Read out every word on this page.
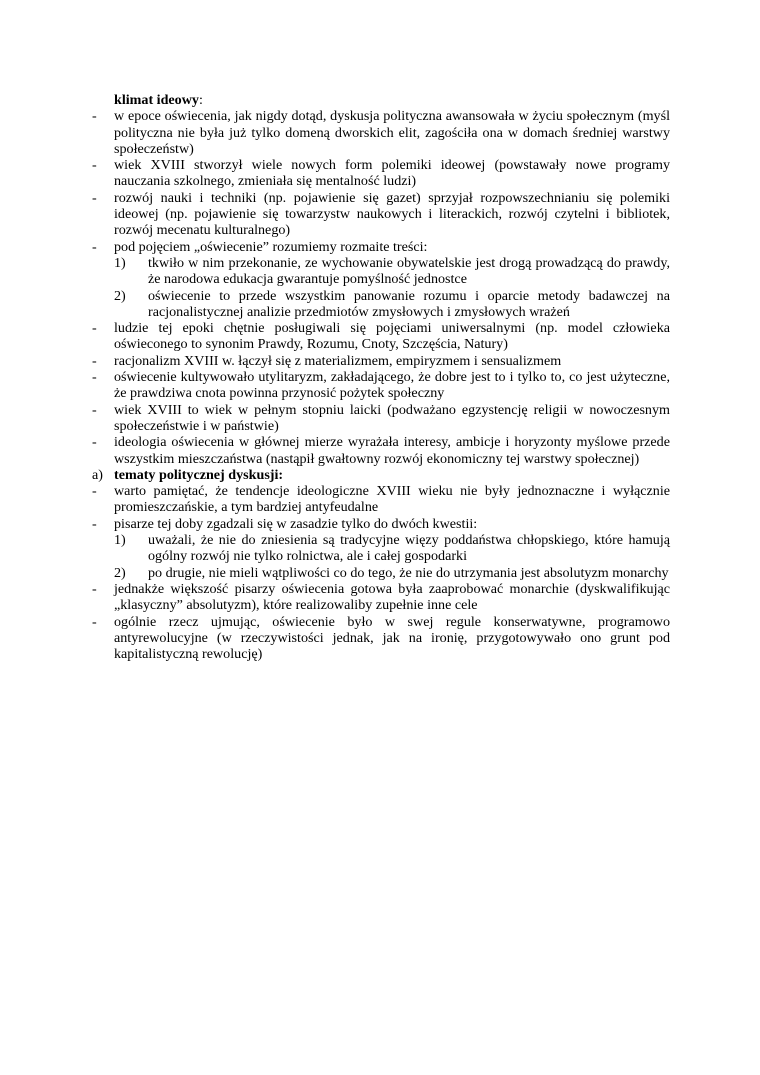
klimat ideowy:
- w epoce oświecenia, jak nigdy dotąd, dyskusja polityczna awansowała w życiu społecznym (myśl polityczna nie była już tylko domeną dworskich elit, zagościła ona w domach średniej warstwy społeczeństw)
- wiek XVIII stworzył wiele nowych form polemiki ideowej (powstawały nowe programy nauczania szkolnego, zmieniała się mentalność ludzi)
- rozwój nauki i techniki (np. pojawienie się gazet) sprzyjał rozpowszechnianiu się polemiki ideowej (np. pojawienie się towarzystw naukowych i literackich, rozwój czytelni i bibliotek, rozwój mecenatu kulturalnego)
- pod pojęciem „oświecenie” rozumiemy rozmaite treści:
1) tkwiło w nim przekonanie, ze wychowanie obywatelskie jest drogą prowadzącą do prawdy, że narodowa edukacja gwarantuje pomyślność jednostce
2) oświecenie to przede wszystkim panowanie rozumu i oparcie metody badawczej na racjonalistycznej analizie przedmiotów zmysłowych i zmysłowych wrażeń
- ludzie tej epoki chętnie posługiwali się pojęciami uniwersalnymi (np. model człowieka oświeconego to synonim Prawdy, Rozumu, Cnoty, Szczęścia, Natury)
- racjonalizm XVIII w. łączył się z materializmem, empiryzmem i sensualizmem
- oświecenie kultywowało utylitaryzm, zakładającego, że dobre jest to i tylko to, co jest użyteczne, że prawdziwa cnota powinna przynosić pożytek społeczny
- wiek XVIII to wiek w pełnym stopniu laicki (podważano egzystencję religii w nowoczesnym społeczeństwie i w państwie)
- ideologia oświecenia w głównej mierze wyrażała interesy, ambicje i horyzonty myślowe przede wszystkim mieszczaństwa (nastąpił gwałtowny rozwój ekonomiczny tej warstwy społecznej)
a) tematy politycznej dyskusji:
- warto pamiętać, że tendencje ideologiczne XVIII wieku nie były jednoznaczne i wyłącznie promieszczańskie, a tym bardziej antyfeudalne
- pisarze tej doby zgadzali się w zasadzie tylko do dwóch kwestii:
1) uważali, że nie do zniesienia są tradycyjne więzy poddaństwa chłopskiego, które hamują ogólny rozwój nie tylko rolnictwa, ale i całej gospodarki
2) po drugie, nie mieli wątpliwości co do tego, że nie do utrzymania jest absolutyzm monarchy
- jednakże większość pisarzy oświecenia gotowa była zaaprobować monarchie (dyskwalifikując „klasyczny” absolutyzm), które realizowaliby zupełnie inne cele
- ogólnie rzecz ujmując, oświecenie było w swej regule konserwatywne, programowo antyrewolucyjne (w rzeczywistości jednak, jak na ironię, przygotowywało ono grunt pod kapitalistyczną rewolucję)
